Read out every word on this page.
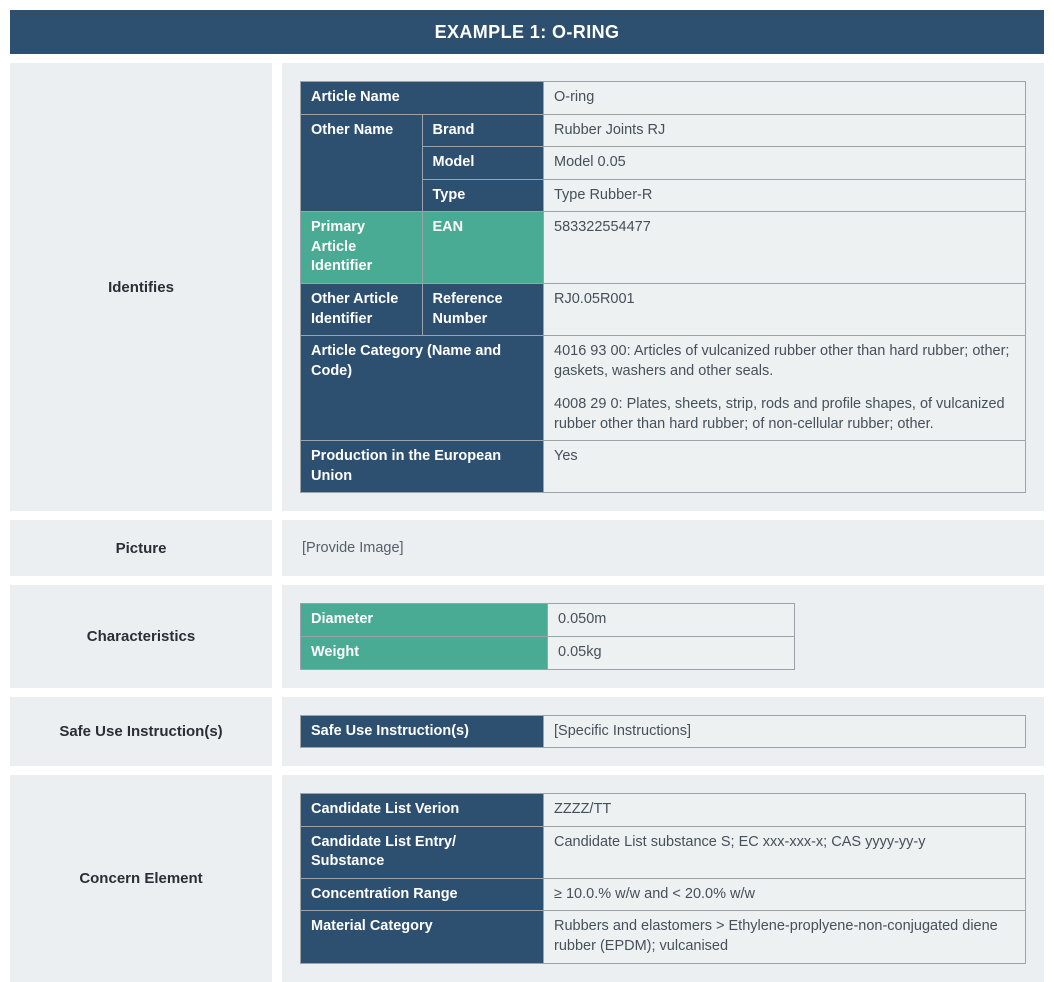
EXAMPLE 1: O-RING
Identifies
Article Name		O-ring
Other Name	Brand	Rubber Joints RJ
	Model	Model 0.05
	Type	Type Rubber-R
Primary Article Identifier	EAN	583322554477
Other Article Identifier	Reference Number	RJ0.05R001
Article Category (Name and Code)		4016 93 00: Articles of vulcanized rubber other than hard rubber; other; gaskets, washers and other seals.

4008 29 0: Plates, sheets, strip, rods and profile shapes, of vulcanized rubber other than hard rubber; of non-cellular rubber; other.

Production in the European Union		Yes
Picture	[Provide Image]
Characteristics
Diameter	0.050m
Weight	0.05kg
Safe Use Instruction(s)	Safe Use Instruction(s)	[Specific Instructions]
Concern Element
Candidate List Verion	ZZZZ/TT
Candidate List Entry/ Substance	Candidate List substance S; EC xxx-xxx-x; CAS yyyy-yy-y
Concentration Range	≥ 10.0.% w/w and < 20.0% w/w
Material Category	Rubbers and elastomers > Ethylene-proplyene-non-conjugated diene rubber (EPDM); vulcanised
